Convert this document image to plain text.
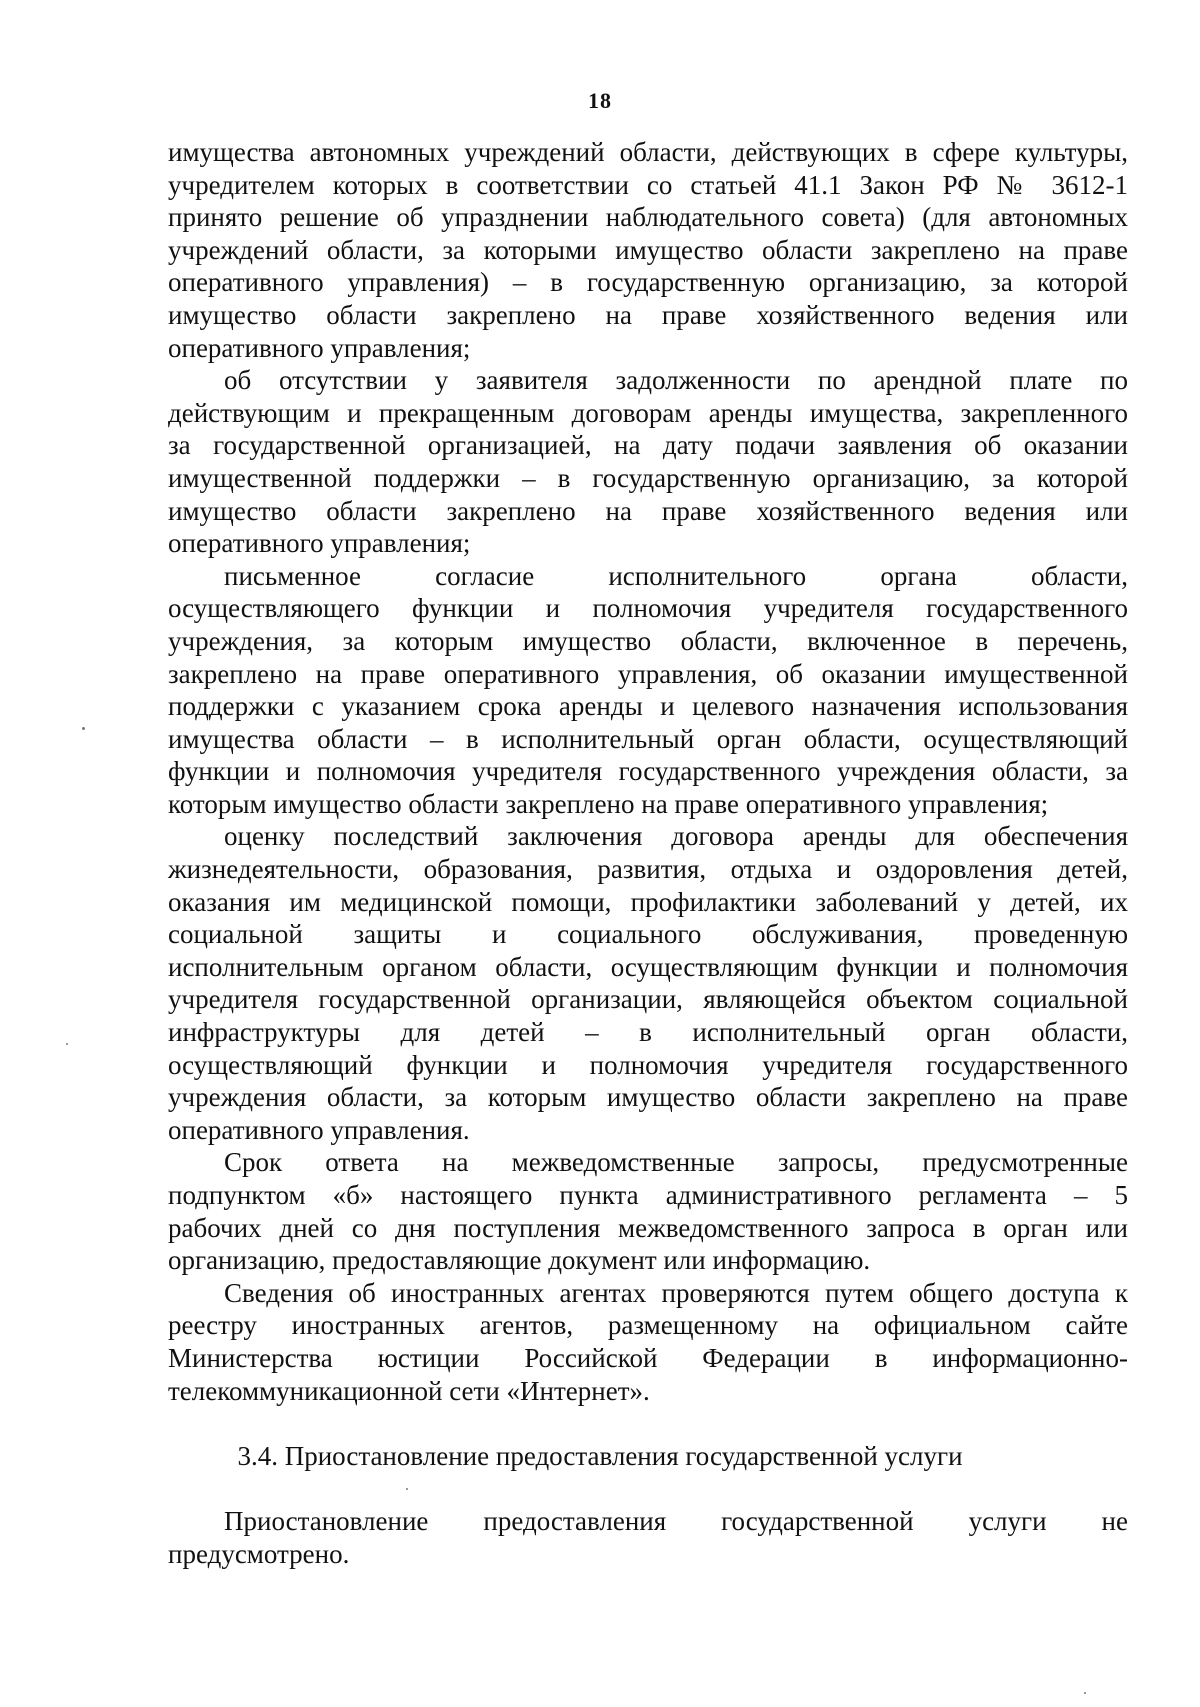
18
имущества автономных учреждений области, действующих в сфере культуры,
учредителем которых в соответствии со статьей 41.1 Закон РФ № 3612-1
принято решение об упразднении наблюдательного совета) (для автономных
учреждений области, за которыми имущество области закреплено на праве
оперативного управления) – в государственную организацию, за которой
имущество области закреплено на праве хозяйственного ведения или
оперативного управления;
об отсутствии у заявителя задолженности по арендной плате по
действующим и прекращенным договорам аренды имущества, закрепленного
за государственной организацией, на дату подачи заявления об оказании
имущественной поддержки – в государственную организацию, за которой
имущество области закреплено на праве хозяйственного ведения или
оперативного управления;
письменное согласие исполнительного органа области,
осуществляющего функции и полномочия учредителя государственного
учреждения, за которым имущество области, включенное в перечень,
закреплено на праве оперативного управления, об оказании имущественной
поддержки с указанием срока аренды и целевого назначения использования
имущества области – в исполнительный орган области, осуществляющий
функции и полномочия учредителя государственного учреждения области, за
которым имущество области закреплено на праве оперативного управления;
оценку последствий заключения договора аренды для обеспечения
жизнедеятельности, образования, развития, отдыха и оздоровления детей,
оказания им медицинской помощи, профилактики заболеваний у детей, их
социальной защиты и социального обслуживания, проведенную
исполнительным органом области, осуществляющим функции и полномочия
учредителя государственной организации, являющейся объектом социальной
инфраструктуры для детей – в исполнительный орган области,
осуществляющий функции и полномочия учредителя государственного
учреждения области, за которым имущество области закреплено на праве
оперативного управления.
Срок ответа на межведомственные запросы, предусмотренные
подпунктом «б» настоящего пункта административного регламента – 5
рабочих дней со дня поступления межведомственного запроса в орган или
организацию, предоставляющие документ или информацию.
Сведения об иностранных агентах проверяются путем общего доступа к
реестру иностранных агентов, размещенному на официальном сайте
Министерства юстиции Российской Федерации в информационно-
телекоммуникационной сети «Интернет».
3.4. Приостановление предоставления государственной услуги
Приостановление предоставления государственной услуги не
предусмотрено.
